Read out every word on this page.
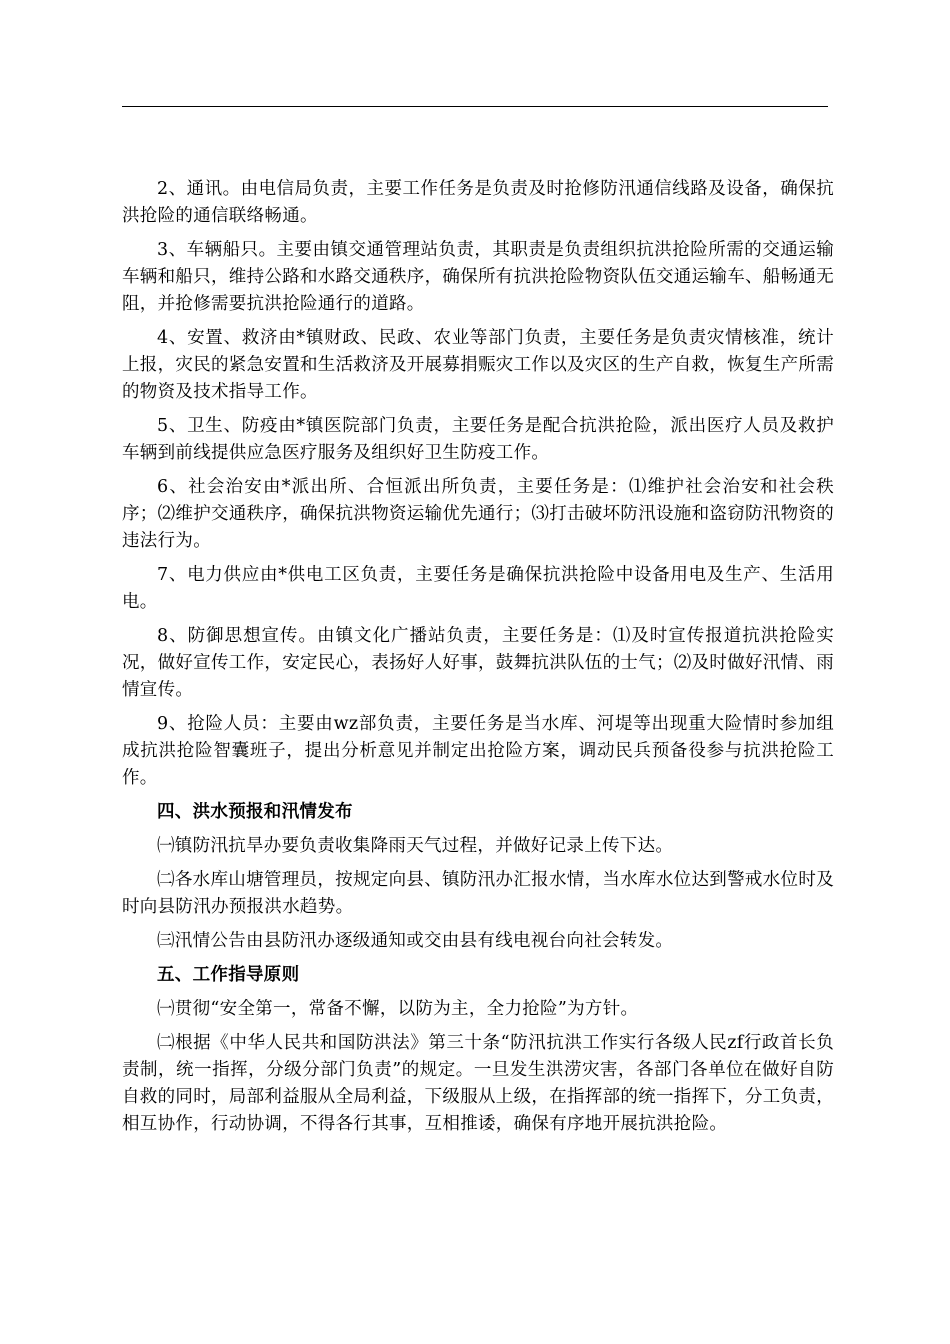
2、通讯。由电信局负责，主要工作任务是负责及时抢修防汛通信线路及设备，确保抗洪抢险的通信联络畅通。

3、车辆船只。主要由镇交通管理站负责，其职责是负责组织抗洪抢险所需的交通运输车辆和船只，维持公路和水路交通秩序，确保所有抗洪抢险物资队伍交通运输车、船畅通无阻，并抢修需要抗洪抢险通行的道路。

4、安置、救济由*镇财政、民政、农业等部门负责，主要任务是负责灾情核准，统计上报，灾民的紧急安置和生活救济及开展募捐赈灾工作以及灾区的生产自救，恢复生产所需的物资及技术指导工作。

5、卫生、防疫由*镇医院部门负责，主要任务是配合抗洪抢险，派出医疗人员及救护车辆到前线提供应急医疗服务及组织好卫生防疫工作。

6、社会治安由*派出所、合恒派出所负责，主要任务是：⑴维护社会治安和社会秩序；⑵维护交通秩序，确保抗洪物资运输优先通行；⑶打击破坏防汛设施和盗窃防汛物资的违法行为。

7、电力供应由*供电工区负责，主要任务是确保抗洪抢险中设备用电及生产、生活用电。

8、防御思想宣传。由镇文化广播站负责，主要任务是：⑴及时宣传报道抗洪抢险实况，做好宣传工作，安定民心，表扬好人好事，鼓舞抗洪队伍的士气；⑵及时做好汛情、雨情宣传。

9、抢险人员：主要由wz部负责，主要任务是当水库、河堤等出现重大险情时参加组成抗洪抢险智囊班子，提出分析意见并制定出抢险方案，调动民兵预备役参与抗洪抢险工作。

四、洪水预报和汛情发布

㈠镇防汛抗旱办要负责收集降雨天气过程，并做好记录上传下达。

㈡各水库山塘管理员，按规定向县、镇防汛办汇报水情，当水库水位达到警戒水位时及时向县防汛办预报洪水趋势。

㈢汛情公告由县防汛办逐级通知或交由县有线电视台向社会转发。

五、工作指导原则

㈠贯彻“安全第一，常备不懈，以防为主，全力抢险”为方针。

㈡根据《中华人民共和国防洪法》第三十条“防汛抗洪工作实行各级人民zf行政首长负责制，统一指挥，分级分部门负责”的规定。一旦发生洪涝灾害，各部门各单位在做好自防自救的同时，局部利益服从全局利益，下级服从上级，在指挥部的统一指挥下，分工负责，相互协作，行动协调，不得各行其事，互相推诿，确保有序地开展抗洪抢险。
